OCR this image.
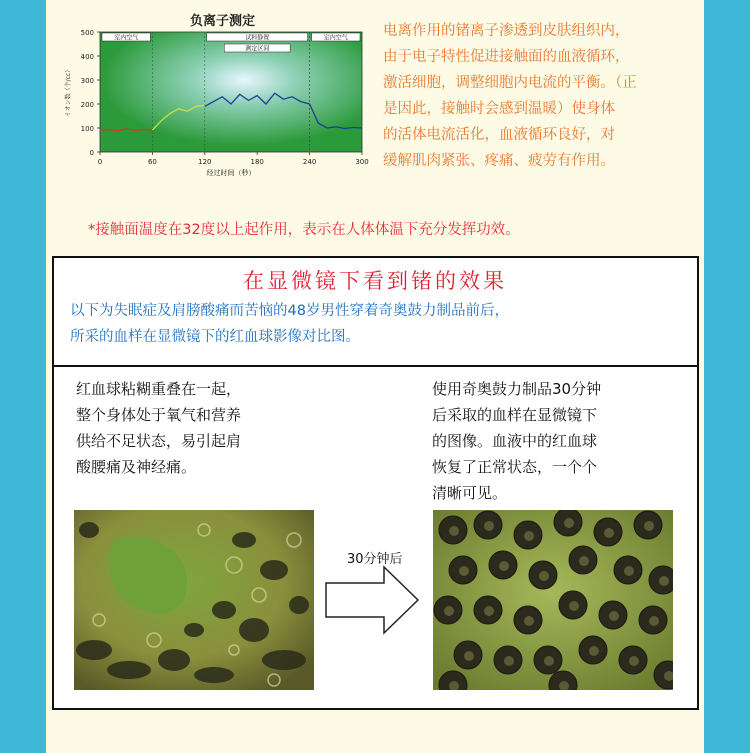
负离子测定
0
100
200
300
400
500
0	60	120	180	240	300
室内空气	试料静置
测定区间
室内空气
经过时间（秒）
イオン数（个/cc）
电离作用的锗离子渗透到皮肤组织内，
由于电子特性促进接触面的血液循环，
激活细胞，调整细胞内电流的平衡。（正
是因此，接触时会感到温暖）使身体
的活体电流活化，血液循环良好，对
缓解肌肉紧张、疼痛、疲劳有作用。
*接触面温度在32度以上起作用，表示在人体体温下充分发挥功效。
在显微镜下看到锗的效果
以下为失眠症及肩膀酸痛而苦恼的48岁男性穿着奇奥鼓力制品前后，
所采的血样在显微镜下的红血球影像对比图。
红血球粘糊重叠在一起，
整个身体处于氧气和营养
供给不足状态，易引起肩
酸腰痛及神经痛。
使用奇奥鼓力制品30分钟
后采取的血样在显微镜下
的图像。血液中的红血球
恢复了正常状态，一个个
清晰可见。
30分钟后
